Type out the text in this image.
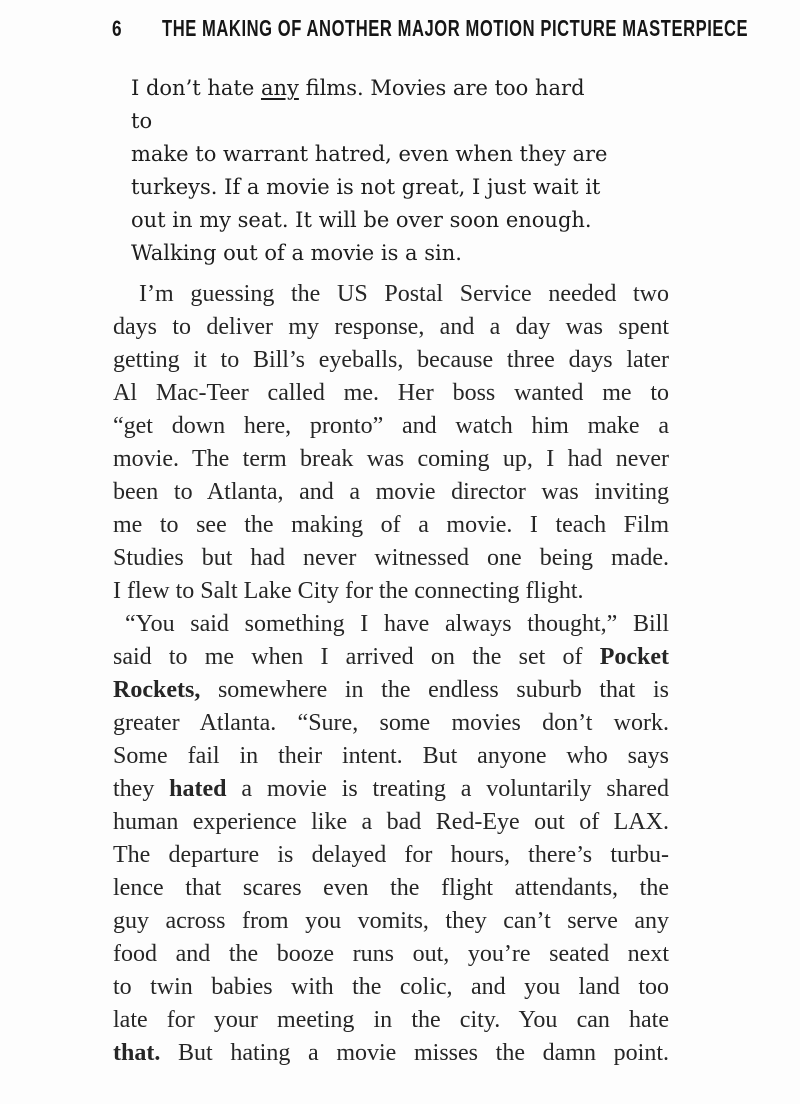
6 THE MAKING OF ANOTHER MAJOR MOTION PICTURE MASTERPIECE
I don’t hate any films. Movies are too hard to
make to warrant hatred, even when they are
turkeys. If a movie is not great, I just wait it
out in my seat. It will be over soon enough.
Walking out of a movie is a sin.
I’m guessing the US Postal Service needed two
days to deliver my response, and a day was spent
getting it to Bill’s eyeballs, because three days later
Al Mac-Teer called me. Her boss wanted me to
“get down here, pronto” and watch him make a
movie. The term break was coming up, I had never
been to Atlanta, and a movie director was inviting
me to see the making of a movie. I teach Film
Studies but had never witnessed one being made.
I flew to Salt Lake City for the connecting flight.
“You said something I have always thought,” Bill
said to me when I arrived on the set of Pocket
Rockets, somewhere in the endless suburb that is
greater Atlanta. “Sure, some movies don’t work.
Some fail in their intent. But anyone who says
they hated a movie is treating a voluntarily shared
human experience like a bad Red-Eye out of LAX.
The departure is delayed for hours, there’s turbu-
lence that scares even the flight attendants, the
guy across from you vomits, they can’t serve any
food and the booze runs out, you’re seated next
to twin babies with the colic, and you land too
late for your meeting in the city. You can hate
that. But hating a movie misses the damn point.
